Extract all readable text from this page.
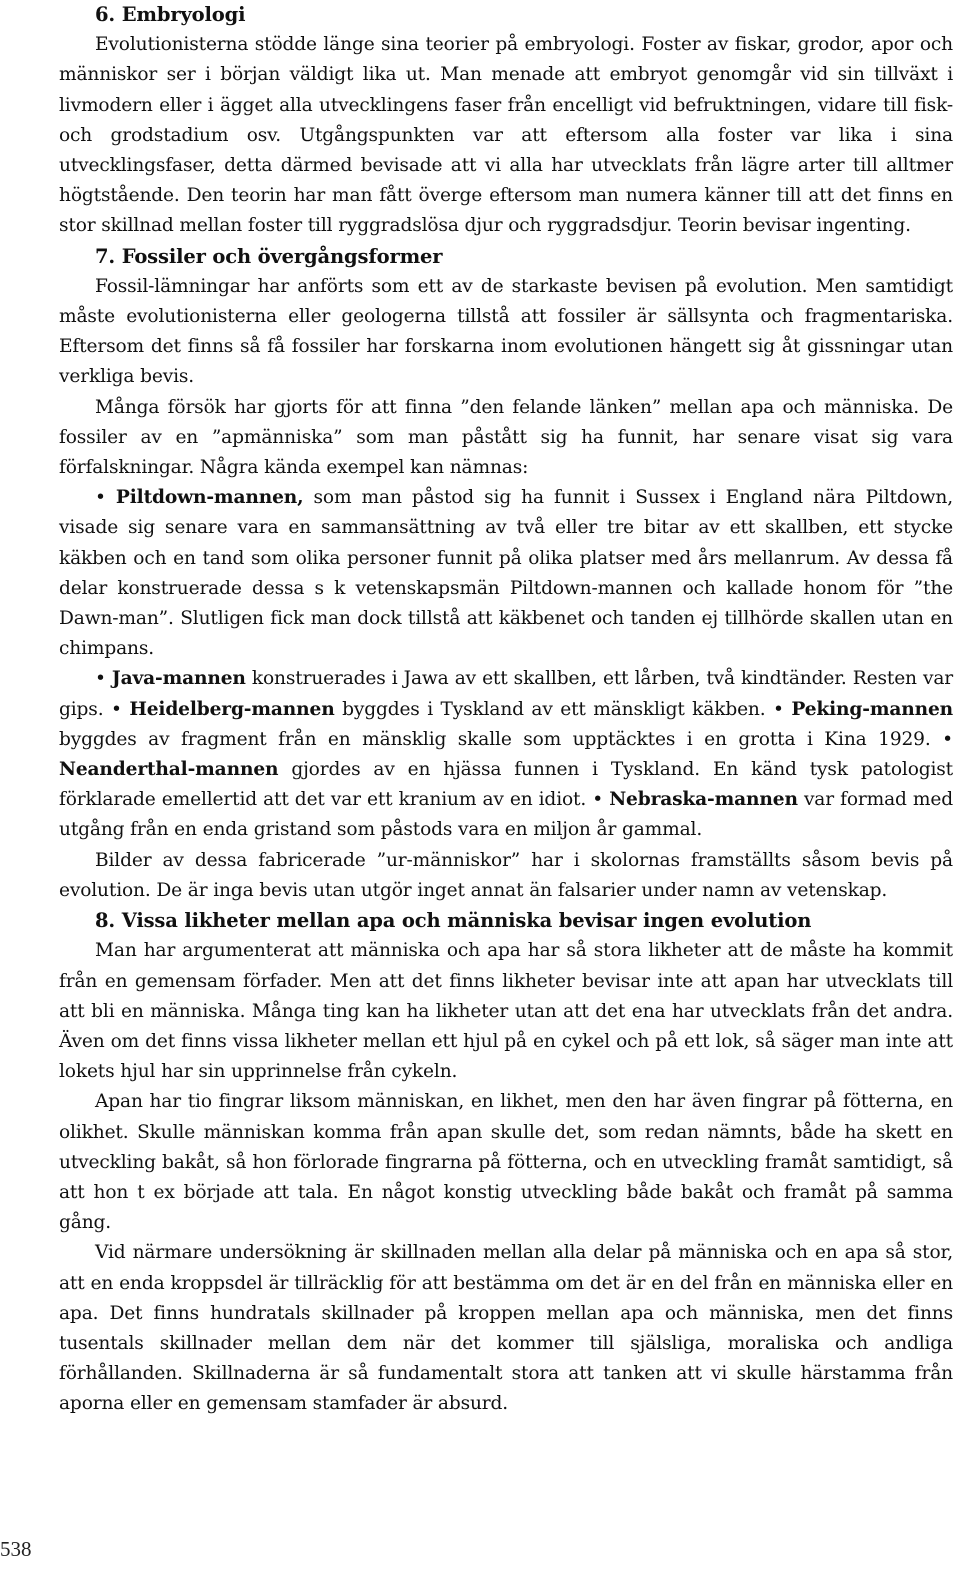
6. Embryologi

Evolutionisterna stödde länge sina teorier på embryologi. Foster av fiskar, grodor, apor och människor ser i början väldigt lika ut. Man menade att embryot genomgår vid sin tillväxt i livmodern eller i ägget alla utvecklingens faser från encelligt vid befruktningen, vidare till fisk- och grodstadium osv. Utgångspunkten var att eftersom alla foster var lika i sina utvecklingsfaser, detta därmed bevisade att vi alla har utvecklats från lägre arter till alltmer högtstående. Den teorin har man fått överge eftersom man numera känner till att det finns en stor skillnad mellan foster till ryggradslösa djur och ryggradsdjur. Teorin bevisar ingenting.

7. Fossiler och övergångsformer

Fossil-lämningar har anförts som ett av de starkaste bevisen på evolution. Men samtidigt måste evolutionisterna eller geologerna tillstå att fossiler är sällsynta och fragmentariska. Eftersom det finns så få fossiler har forskarna inom evolutionen hängett sig åt gissningar utan verkliga bevis.

Många försök har gjorts för att finna ”den felande länken” mellan apa och människa. De fossiler av en ”apmänniska” som man påstått sig ha funnit, har senare visat sig vara förfalskningar. Några kända exempel kan nämnas:

• Piltdown-mannen, som man påstod sig ha funnit i Sussex i England nära Piltdown, visade sig senare vara en sammansättning av två eller tre bitar av ett skallben, ett stycke käkben och en tand som olika personer funnit på olika platser med års mellanrum. Av dessa få delar konstruerade dessa s k vetenskapsmän Piltdown-mannen och kallade honom för ”the Dawn-man”. Slutligen fick man dock tillstå att käkbenet och tanden ej tillhörde skallen utan en chimpans.

• Java-mannen konstruerades i Jawa av ett skallben, ett lårben, två kindtänder. Resten var gips. • Heidelberg-mannen byggdes i Tyskland av ett mänskligt käkben. • Peking-mannen byggdes av fragment från en mänsklig skalle som upptäcktes i en grotta i Kina 1929. • Neanderthal-mannen gjordes av en hjässa funnen i Tyskland. En känd tysk patologist förklarade emellertid att det var ett kranium av en idiot. • Nebraska-mannen var formad med utgång från en enda gristand som påstods vara en miljon år gammal.

Bilder av dessa fabricerade ”ur-människor” har i skolornas framställts såsom bevis på evolution. De är inga bevis utan utgör inget annat än falsarier under namn av vetenskap.

8. Vissa likheter mellan apa och människa bevisar ingen evolution

Man har argumenterat att människa och apa har så stora likheter att de måste ha kommit från en gemensam förfader. Men att det finns likheter bevisar inte att apan har utvecklats till att bli en människa. Många ting kan ha likheter utan att det ena har utvecklats från det andra. Även om det finns vissa likheter mellan ett hjul på en cykel och på ett lok, så säger man inte att lokets hjul har sin upprinnelse från cykeln.

Apan har tio fingrar liksom människan, en likhet, men den har även fingrar på fötterna, en olikhet. Skulle människan komma från apan skulle det, som redan nämnts, både ha skett en utveckling bakåt, så hon förlorade fingrarna på fötterna, och en utveckling framåt samtidigt, så att hon t ex började att tala. En något konstig utveckling både bakåt och framåt på samma gång.

Vid närmare undersökning är skillnaden mellan alla delar på människa och en apa så stor, att en enda kroppsdel är tillräcklig för att bestämma om det är en del från en människa eller en apa. Det finns hundratals skillnader på kroppen mellan apa och människa, men det finns tusentals skillnader mellan dem när det kommer till själsliga, moraliska och andliga förhållanden. Skillnaderna är så fundamentalt stora att tanken att vi skulle härstamma från aporna eller en gemensam stamfader är absurd.

538
